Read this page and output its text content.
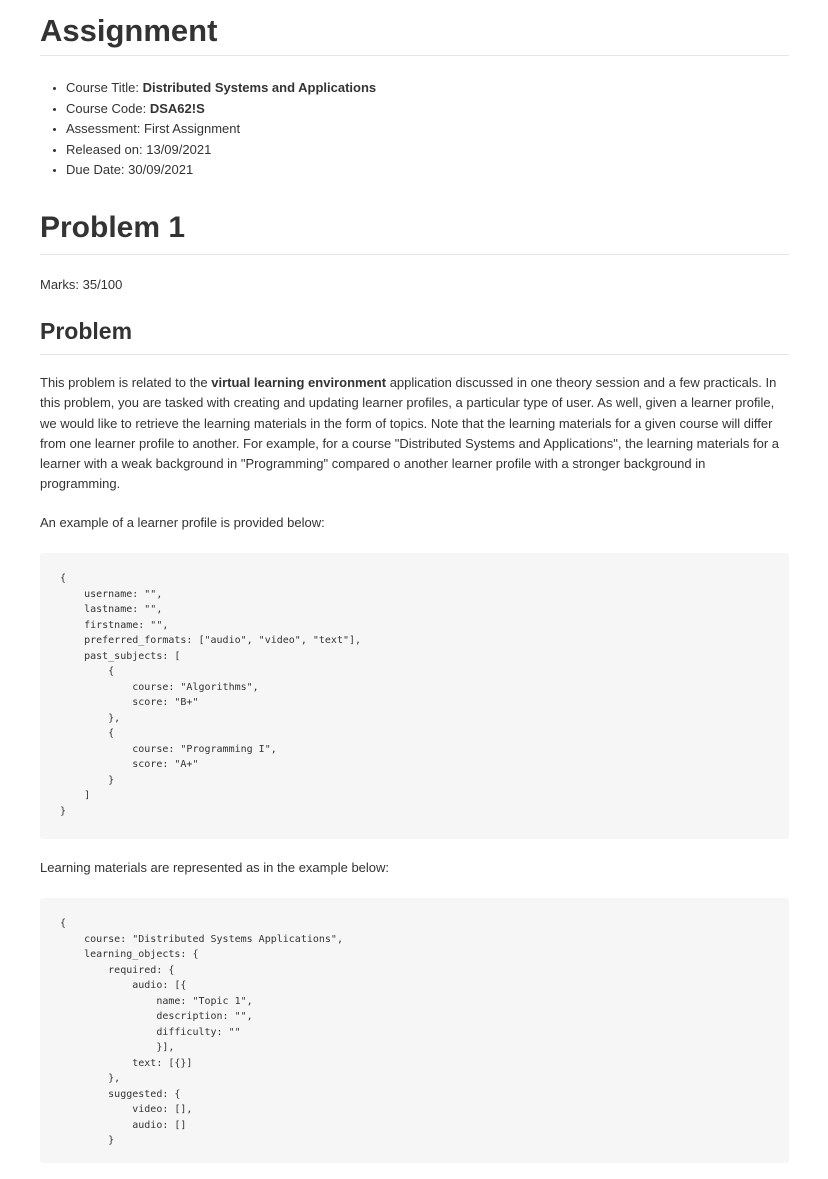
Assignment
• Course Title: Distributed Systems and Applications
• Course Code: DSA62!S
• Assessment: First Assignment
• Released on: 13/09/2021
• Due Date: 30/09/2021
Problem 1

Marks: 35/100

Problem

This problem is related to the virtual learning environment application discussed in one theory session and a few practicals. In this problem, you are tasked with creating and updating learner profiles, a particular type of user. As well, given a learner profile, we would like to retrieve the learning materials in the form of topics. Note that the learning materials for a given course will differ from one learner profile to another. For example, for a course "Distributed Systems and Applications", the learning materials for a learner with a weak background in "Programming" compared o another learner profile with a stronger background in programming.

An example of a learner profile is provided below:

{
username: "",
lastname: "",
firstname: "",
preferred_formats: ["audio", "video", "text"],
past_subjects: [
{
course: "Algorithms",
score: "B+"
},
{
course: "Programming I",
score: "A+"
}
]
}

Learning materials are represented as in the example below:

{
course: "Distributed Systems Applications",
learning_objects: {
required: {
audio: [{
name: "Topic 1",
description: "",
difficulty: ""
}],
text: [{}]
},
suggested: {
video: [],
audio: []
}
